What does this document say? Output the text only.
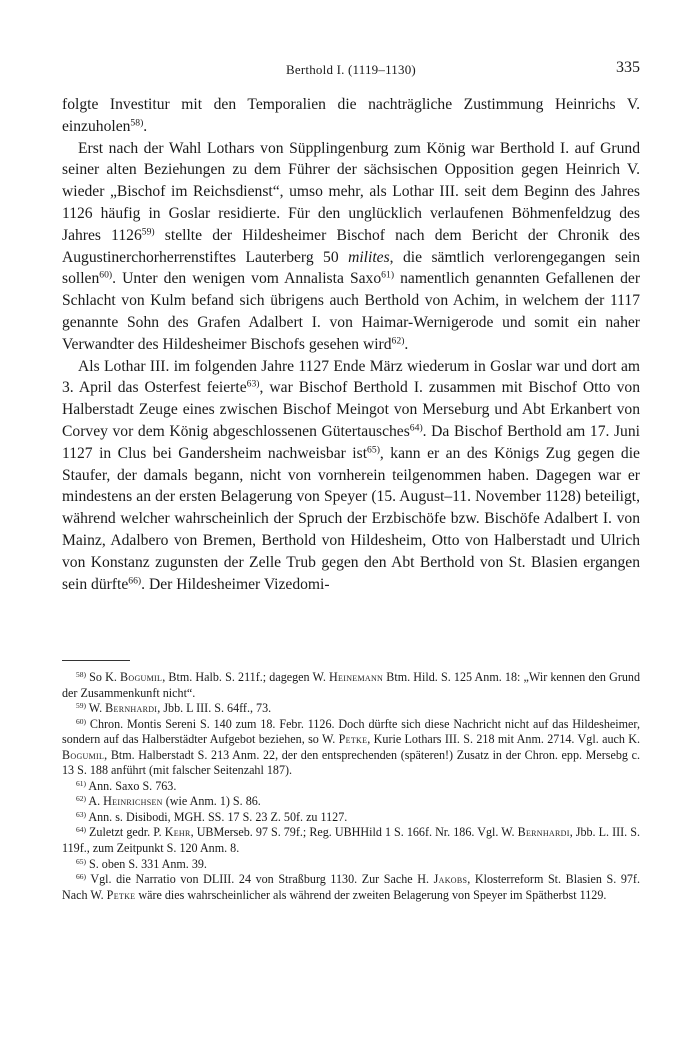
Berthold I. (1119–1130)	335

folgte Investitur mit den Temporalien die nachträgliche Zustimmung Heinrichs V. einzuholen$^{58)}$.

Erst nach der Wahl Lothars von Süpplingenburg zum König war Berthold I. auf Grund seiner alten Beziehungen zu dem Führer der sächsischen Opposition gegen Heinrich V. wieder „Bischof im Reichsdienst“, umso mehr, als Lothar III. seit dem Beginn des Jahres 1126 häufig in Goslar residierte. Für den unglücklich verlaufenen Böhmenfeldzug des Jahres 1126$^{59)}$ stellte der Hildesheimer Bischof nach dem Bericht der Chronik des Augustinerchorherrenstiftes Lauterberg 50 milites, die sämtlich verlorengegangen sein sollen$^{60)}$. Unter den wenigen vom Annalista Saxo$^{61)}$ namentlich genannten Gefallenen der Schlacht von Kulm befand sich übrigens auch Berthold von Achim, in welchem der 1117 genannte Sohn des Grafen Adalbert I. von Haimar-Wernigerode und somit ein naher Verwandter des Hildesheimer Bischofs gesehen wird$^{62)}$.

Als Lothar III. im folgenden Jahre 1127 Ende März wiederum in Goslar war und dort am 3. April das Osterfest feierte$^{63)}$, war Bischof Berthold I. zusammen mit Bischof Otto von Halberstadt Zeuge eines zwischen Bischof Meingot von Merseburg und Abt Erkanbert von Corvey vor dem König abgeschlossenen Gütertausches$^{64)}$. Da Bischof Berthold am 17. Juni 1127 in Clus bei Gandersheim nachweisbar ist$^{65)}$, kann er an des Königs Zug gegen die Staufer, der damals begann, nicht von vornherein teilgenommen haben. Dagegen war er mindestens an der ersten Belagerung von Speyer (15. August–11. November 1128) beteiligt, während welcher wahrscheinlich der Spruch der Erzbischöfe bzw. Bischöfe Adalbert I. von Mainz, Adalbero von Bremen, Berthold von Hildesheim, Otto von Halberstadt und Ulrich von Konstanz zugunsten der Zelle Trub gegen den Abt Berthold von St. Blasien ergangen sein dürfte$^{66)}$. Der Hildesheimer Vizedomi-

$^{58)}$ So K. Bogumil, Btm. Halb. S. 211f.; dagegen W. Heinemann Btm. Hild. S. 125 Anm. 18: „Wir kennen den Grund der Zusammenkunft nicht“.

$^{59)}$ W. Bernhardi, Jbb. L III. S. 64ff., 73.

$^{60)}$ Chron. Montis Sereni S. 140 zum 18. Febr. 1126. Doch dürfte sich diese Nachricht nicht auf das Hildesheimer, sondern auf das Halberstädter Aufgebot beziehen, so W. Petke, Kurie Lothars III. S. 218 mit Anm. 2714. Vgl. auch K. Bogumil, Btm. Halberstadt S. 213 Anm. 22, der den entsprechenden (späteren!) Zusatz in der Chron. epp. Mersebg c. 13 S. 188 anführt (mit falscher Seitenzahl 187).

$^{61)}$ Ann. Saxo S. 763.

$^{62)}$ A. Heinrichsen (wie Anm. 1) S. 86.

$^{63)}$ Ann. s. Disibodi, MGH. SS. 17 S. 23 Z. 50f. zu 1127.

$^{64)}$ Zuletzt gedr. P. Kehr, UBMerseb. 97 S. 79f.; Reg. UBHHild 1 S. 166f. Nr. 186. Vgl. W. Bernhardi, Jbb. L. III. S. 119f., zum Zeitpunkt S. 120 Anm. 8.

$^{65)}$ S. oben S. 331 Anm. 39.

$^{66)}$ Vgl. die Narratio von DLIII. 24 von Straßburg 1130. Zur Sache H. Jakobs, Klosterreform St. Blasien S. 97f. Nach W. Petke wäre dies wahrscheinlicher als während der zweiten Belagerung von Speyer im Spätherbst 1129.
